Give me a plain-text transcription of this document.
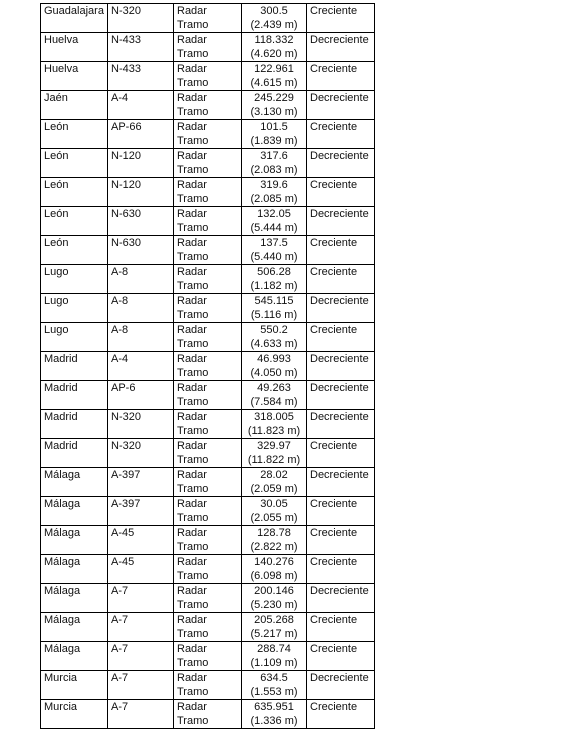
Guadalajara	N-320	Radar Tramo	300.5
(2.439 m)	Creciente

Huelva	N-433	Radar Tramo	118.332
(4.620 m)	Decreciente

Huelva	N-433	Radar Tramo	122.961
(4.615 m)	Creciente

Jaén	A-4	Radar Tramo	245.229
(3.130 m)	Decreciente

León	AP-66	Radar Tramo	101.5
(1.839 m)	Creciente

León	N-120	Radar Tramo	317.6
(2.083 m)	Decreciente

León	N-120	Radar Tramo	319.6
(2.085 m)	Creciente

León	N-630	Radar Tramo	132.05
(5.444 m)	Decreciente

León	N-630	Radar Tramo	137.5
(5.440 m)	Creciente

Lugo	A-8	Radar Tramo	506.28
(1.182 m)	Creciente

Lugo	A-8	Radar Tramo	545.115
(5.116 m)	Decreciente

Lugo	A-8	Radar Tramo	550.2
(4.633 m)	Creciente

Madrid	A-4	Radar Tramo	46.993
(4.050 m)	Decreciente

Madrid	AP-6	Radar Tramo	49.263
(7.584 m)	Decreciente

Madrid	N-320	Radar Tramo	318.005
(11.823 m)	Decreciente

Madrid	N-320	Radar Tramo	329.97
(11.822 m)	Creciente

Málaga	A-397	Radar Tramo	28.02
(2.059 m)	Decreciente

Málaga	A-397	Radar Tramo	30.05
(2.055 m)	Creciente

Málaga	A-45	Radar Tramo	128.78
(2.822 m)	Creciente

Málaga	A-45	Radar Tramo	140.276
(6.098 m)	Creciente

Málaga	A-7	Radar Tramo	200.146
(5.230 m)	Decreciente

Málaga	A-7	Radar Tramo	205.268
(5.217 m)	Creciente

Málaga	A-7	Radar Tramo	288.74
(1.109 m)	Creciente

Murcia	A-7	Radar Tramo	634.5
(1.553 m)	Decreciente

Murcia	A-7	Radar Tramo	635.951
(1.336 m)	Creciente
